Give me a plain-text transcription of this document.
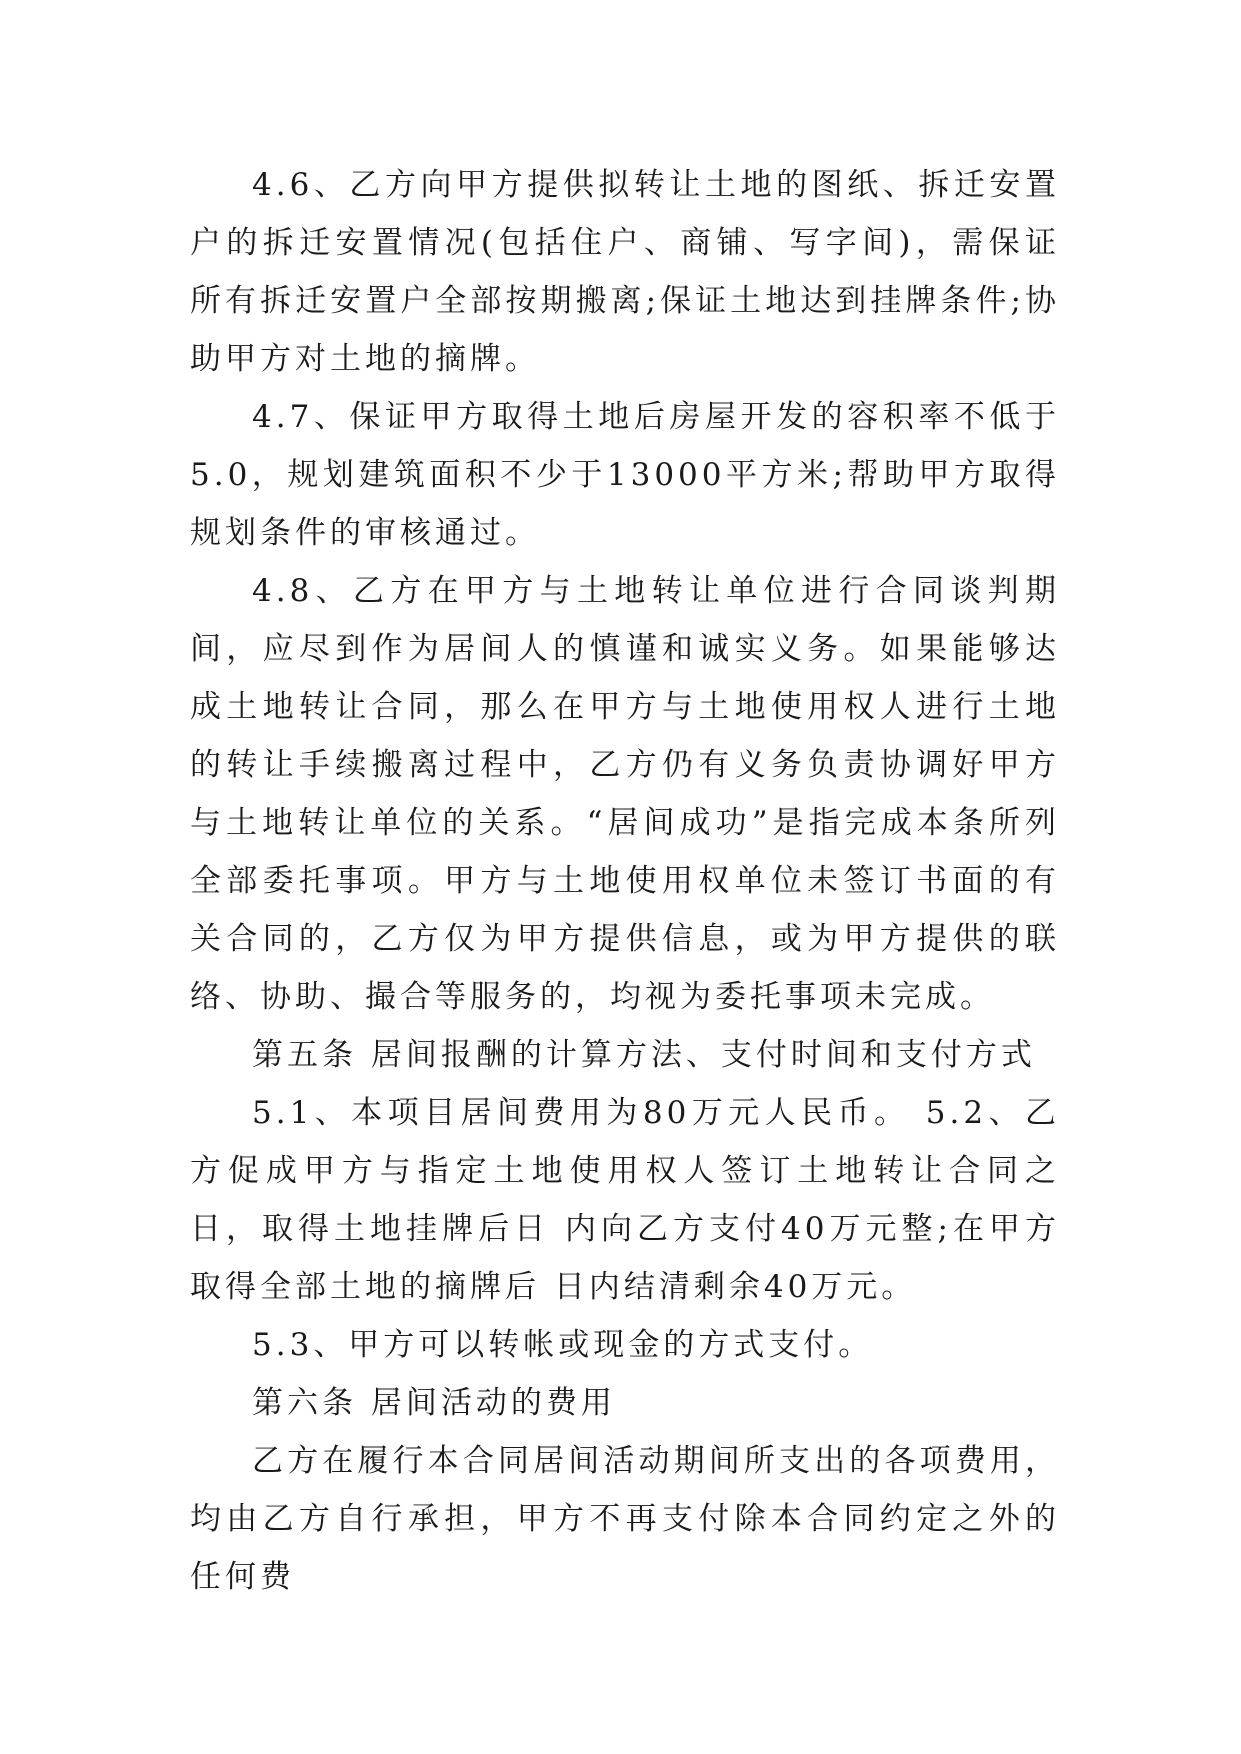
4.6、乙方向甲方提供拟转让土地的图纸、拆迁安置户的拆迁安置情况(包括住户、商铺、写字间)，需保证所有拆迁安置户全部按期搬离;保证土地达到挂牌条件;协助甲方对土地的摘牌。

4.7、保证甲方取得土地后房屋开发的容积率不低于5.0，规划建筑面积不少于13000平方米;帮助甲方取得规划条件的审核通过。

4.8、乙方在甲方与土地转让单位进行合同谈判期间，应尽到作为居间人的慎谨和诚实义务。如果能够达成土地转让合同，那么在甲方与土地使用权人进行土地的转让手续搬离过程中，乙方仍有义务负责协调好甲方与土地转让单位的关系。“居间成功”是指完成本条所列全部委托事项。甲方与土地使用权单位未签订书面的有关合同的，乙方仅为甲方提供信息，或为甲方提供的联络、协助、撮合等服务的，均视为委托事项未完成。

第五条 居间报酬的计算方法、支付时间和支付方式

5.1、本项目居间费用为80万元人民币。 5.2、乙方促成甲方与指定土地使用权人签订土地转让合同之日，取得土地挂牌后日 内向乙方支付40万元整;在甲方取得全部土地的摘牌后 日内结清剩余40万元。

5.3、甲方可以转帐或现金的方式支付。

第六条 居间活动的费用

乙方在履行本合同居间活动期间所支出的各项费用，均由乙方自行承担，甲方不再支付除本合同约定之外的任何费
